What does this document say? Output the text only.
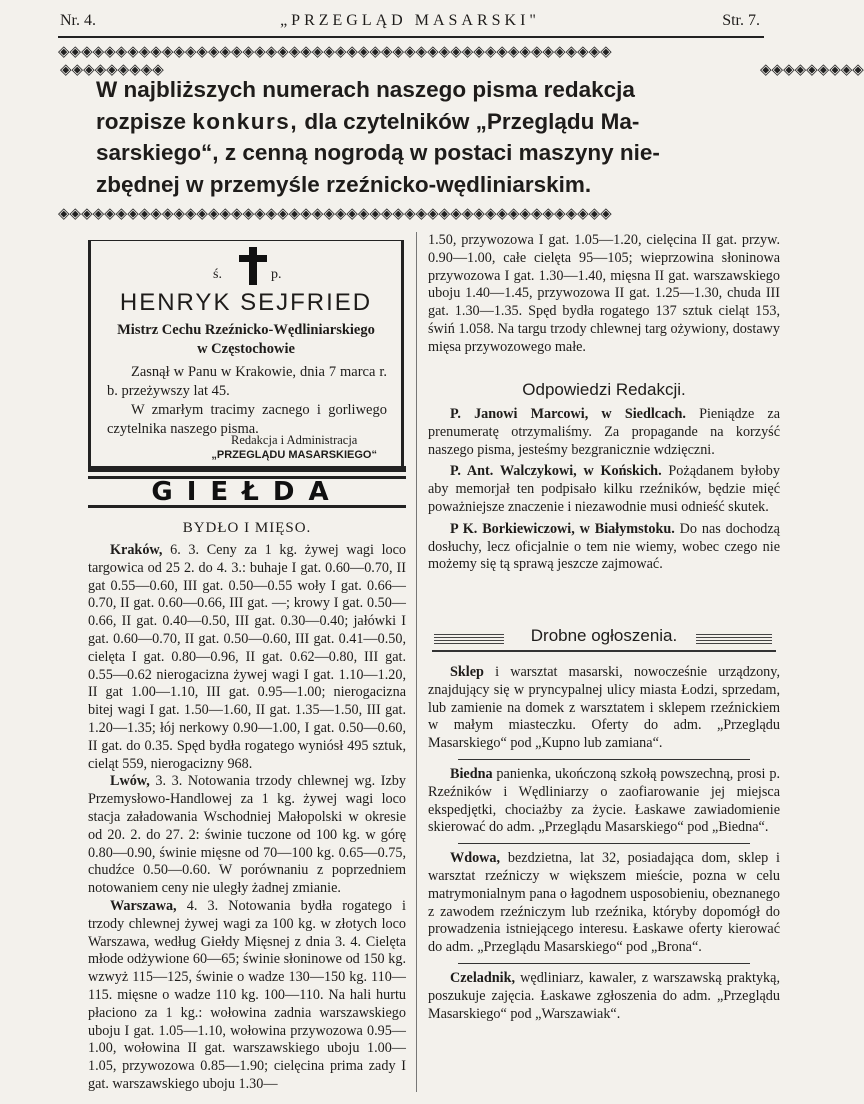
Nr. 4.	„PRZEGLĄD MASARSKI"	Str. 7.
◈◈◈◈◈◈◈◈◈◈◈◈◈◈◈◈◈◈◈◈◈◈◈◈◈◈◈◈◈◈◈◈◈◈◈◈◈◈◈◈◈◈◈◈◈◈◈◈
◈◈◈◈◈◈◈◈◈◈◈◈◈◈◈◈◈◈◈◈◈◈◈◈◈◈◈◈◈◈◈◈◈◈◈◈◈◈◈◈◈◈◈◈◈◈◈◈
◈◈◈◈◈◈◈◈◈	◈◈◈◈◈◈◈◈◈
W najbliższych numerach naszego pisma redakcja
rozpisze konkurs, dla czytelników „Przeglądu Ma-
sarskiego“, z cenną nogrodą w postaci maszyny nie-
zbędnej w przemyśle rzeźnicko-wędliniarskim.
ś.	p.
HENRYK SEJFRIED
Mistrz Cechu Rzeźnicko-Wędliniarskiego
w Częstochowie

Zasnął w Panu w Krakowie, dnia 7 marca r. b. przeżywszy lat 45.

W zmarłym tracimy zacnego i gorliwego czytelnika naszego pisma.

Redakcja i Administracja
„PRZEGLĄDU MASARSKIEGO“
GIEŁDA
BYDŁO I MIĘSO.

Kraków, 6. 3. Ceny za 1 kg. żywej wagi loco targowica od 25 2. do 4. 3.: buhaje I gat. 0.60—0.70, II gat 0.55—0.60, III gat. 0.50—0.55 woły I gat. 0.66—0.70, II gat. 0.60—0.66, III gat. —; krowy I gat. 0.50—0.66, II gat. 0.40—0.50, III gat. 0.30—0.40; jałówki I gat. 0.60—0.70, II gat. 0.50—0.60, III gat. 0.41—0.50, cielęta I gat. 0.80—0.96, II gat. 0.62—0.80, III gat. 0.55—0.62 nierogacizna żywej wagi I gat. 1.10—1.20, II gat 1.00—1.10, III gat. 0.95—1.00; nierogacizna bitej wagi I gat. 1.50—1.60, II gat. 1.35—1.50, III gat. 1.20—1.35; łój nerkowy 0.90—1.00, I gat. 0.50—0.60, II gat. do 0.35. Spęd bydła rogatego wyniósł 495 sztuk, cieląt 559, nierogacizny 968.

Lwów, 3. 3. Notowania trzody chlewnej wg. Izby Przemysłowo-Handlowej za 1 kg. żywej wagi loco stacja załadowania Wschodniej Małopolski w okresie od 20. 2. do 27. 2: świnie tuczone od 100 kg. w górę 0.80—0.90, świnie mięsne od 70—100 kg. 0.65—0.75, chudźce 0.50—0.60. W porównaniu z poprzedniem notowaniem ceny nie uległy żadnej zmianie.

Warszawa, 4. 3. Notowania bydła rogatego i trzody chlewnej żywej wagi za 100 kg. w złotych loco Warszawa, według Giełdy Mięsnej z dnia 3. 4. Cielęta młode odżywione 60—65; świnie słoninowe od 150 kg. wzwyż 115—125, świnie o wadze 130—150 kg. 110—115. mięsne o wadze 110 kg. 100—110. Na hali hurtu płaciono za 1 kg.: wołowina zadnia warszawskiego uboju I gat. 1.05—1.10, wołowina przywozowa 0.95—1.00, wołowina II gat. warszawskiego uboju 1.00—1.05, przywozowa 0.85—1.90; cielęcina prima zady I gat. warszawskiego uboju 1.30—

1.50, przywozowa I gat. 1.05—1.20, cielęcina II gat. przyw. 0.90—1.00, całe cielęta 95—105; wieprzowina słoninowa przywozowa I gat. 1.30—1.40, mięsna II gat. warszawskiego uboju 1.40—1.45, przywozowa II gat. 1.25—1.30, chuda III gat. 1.30—1.35. Spęd bydła rogatego 137 sztuk cieląt 153, świń 1.058. Na targu trzody chlewnej targ ożywiony, dostawy mięsa przywozowego małe.

Odpowiedzi Redakcji.

P. Janowi Marcowi, w Siedlcach. Pieniądze za prenumeratę otrzymaliśmy. Za propagande na korzyść naszego pisma, jesteśmy bezgranicznie wdzięczni.

P. Ant. Walczykowi, w Końskich. Pożądanem byłoby aby memorjał ten podpisało kilku rzeźników, będzie mięć poważniejsze znaczenie i niezawodnie musi odnieść skutek.

P K. Borkiewiczowi, w Białymstoku. Do nas dochodzą dosłuchy, lecz oficjalnie o tem nie wiemy, wobec czego nie możemy się tą sprawą jeszcze zajmować.

Drobne ogłoszenia.

Sklep i warsztat masarski, nowocześnie urządzony, znajdujący się w pryncypalnej ulicy miasta Łodzi, sprzedam, lub zamienie na domek z warsztatem i sklepem rzeźnickiem w małym miasteczku. Oferty do adm. „Przeglądu Masarskiego“ pod „Kupno lub zamiana“.

Biedna panienka, ukończoną szkołą powszechną, prosi p. Rzeźników i Wędliniarzy o zaofiarowanie jej miejsca ekspedjętki, chociażby za życie. Łaskawe zawiadomienie skierować do adm. „Przeglądu Masarskiego“ pod „Biedna“.

Wdowa, bezdzietna, lat 32, posiadająca dom, sklep i warsztat rzeźniczy w większem mieście, pozna w celu matrymonialnym pana o łagodnem usposobieniu, obeznanego z zawodem rzeźniczym lub rzeźnika, któryby dopomógł do prowadzenia istniejącego interesu. Łaskawe oferty kierować do adm. „Przeglądu Masarskiego“ pod „Brona“.

Czeladnik, wędliniarz, kawaler, z warszawską praktyką, poszukuje zajęcia. Łaskawe zgłoszenia do adm. „Przeglądu Masarskiego“ pod „Warszawiak“.
